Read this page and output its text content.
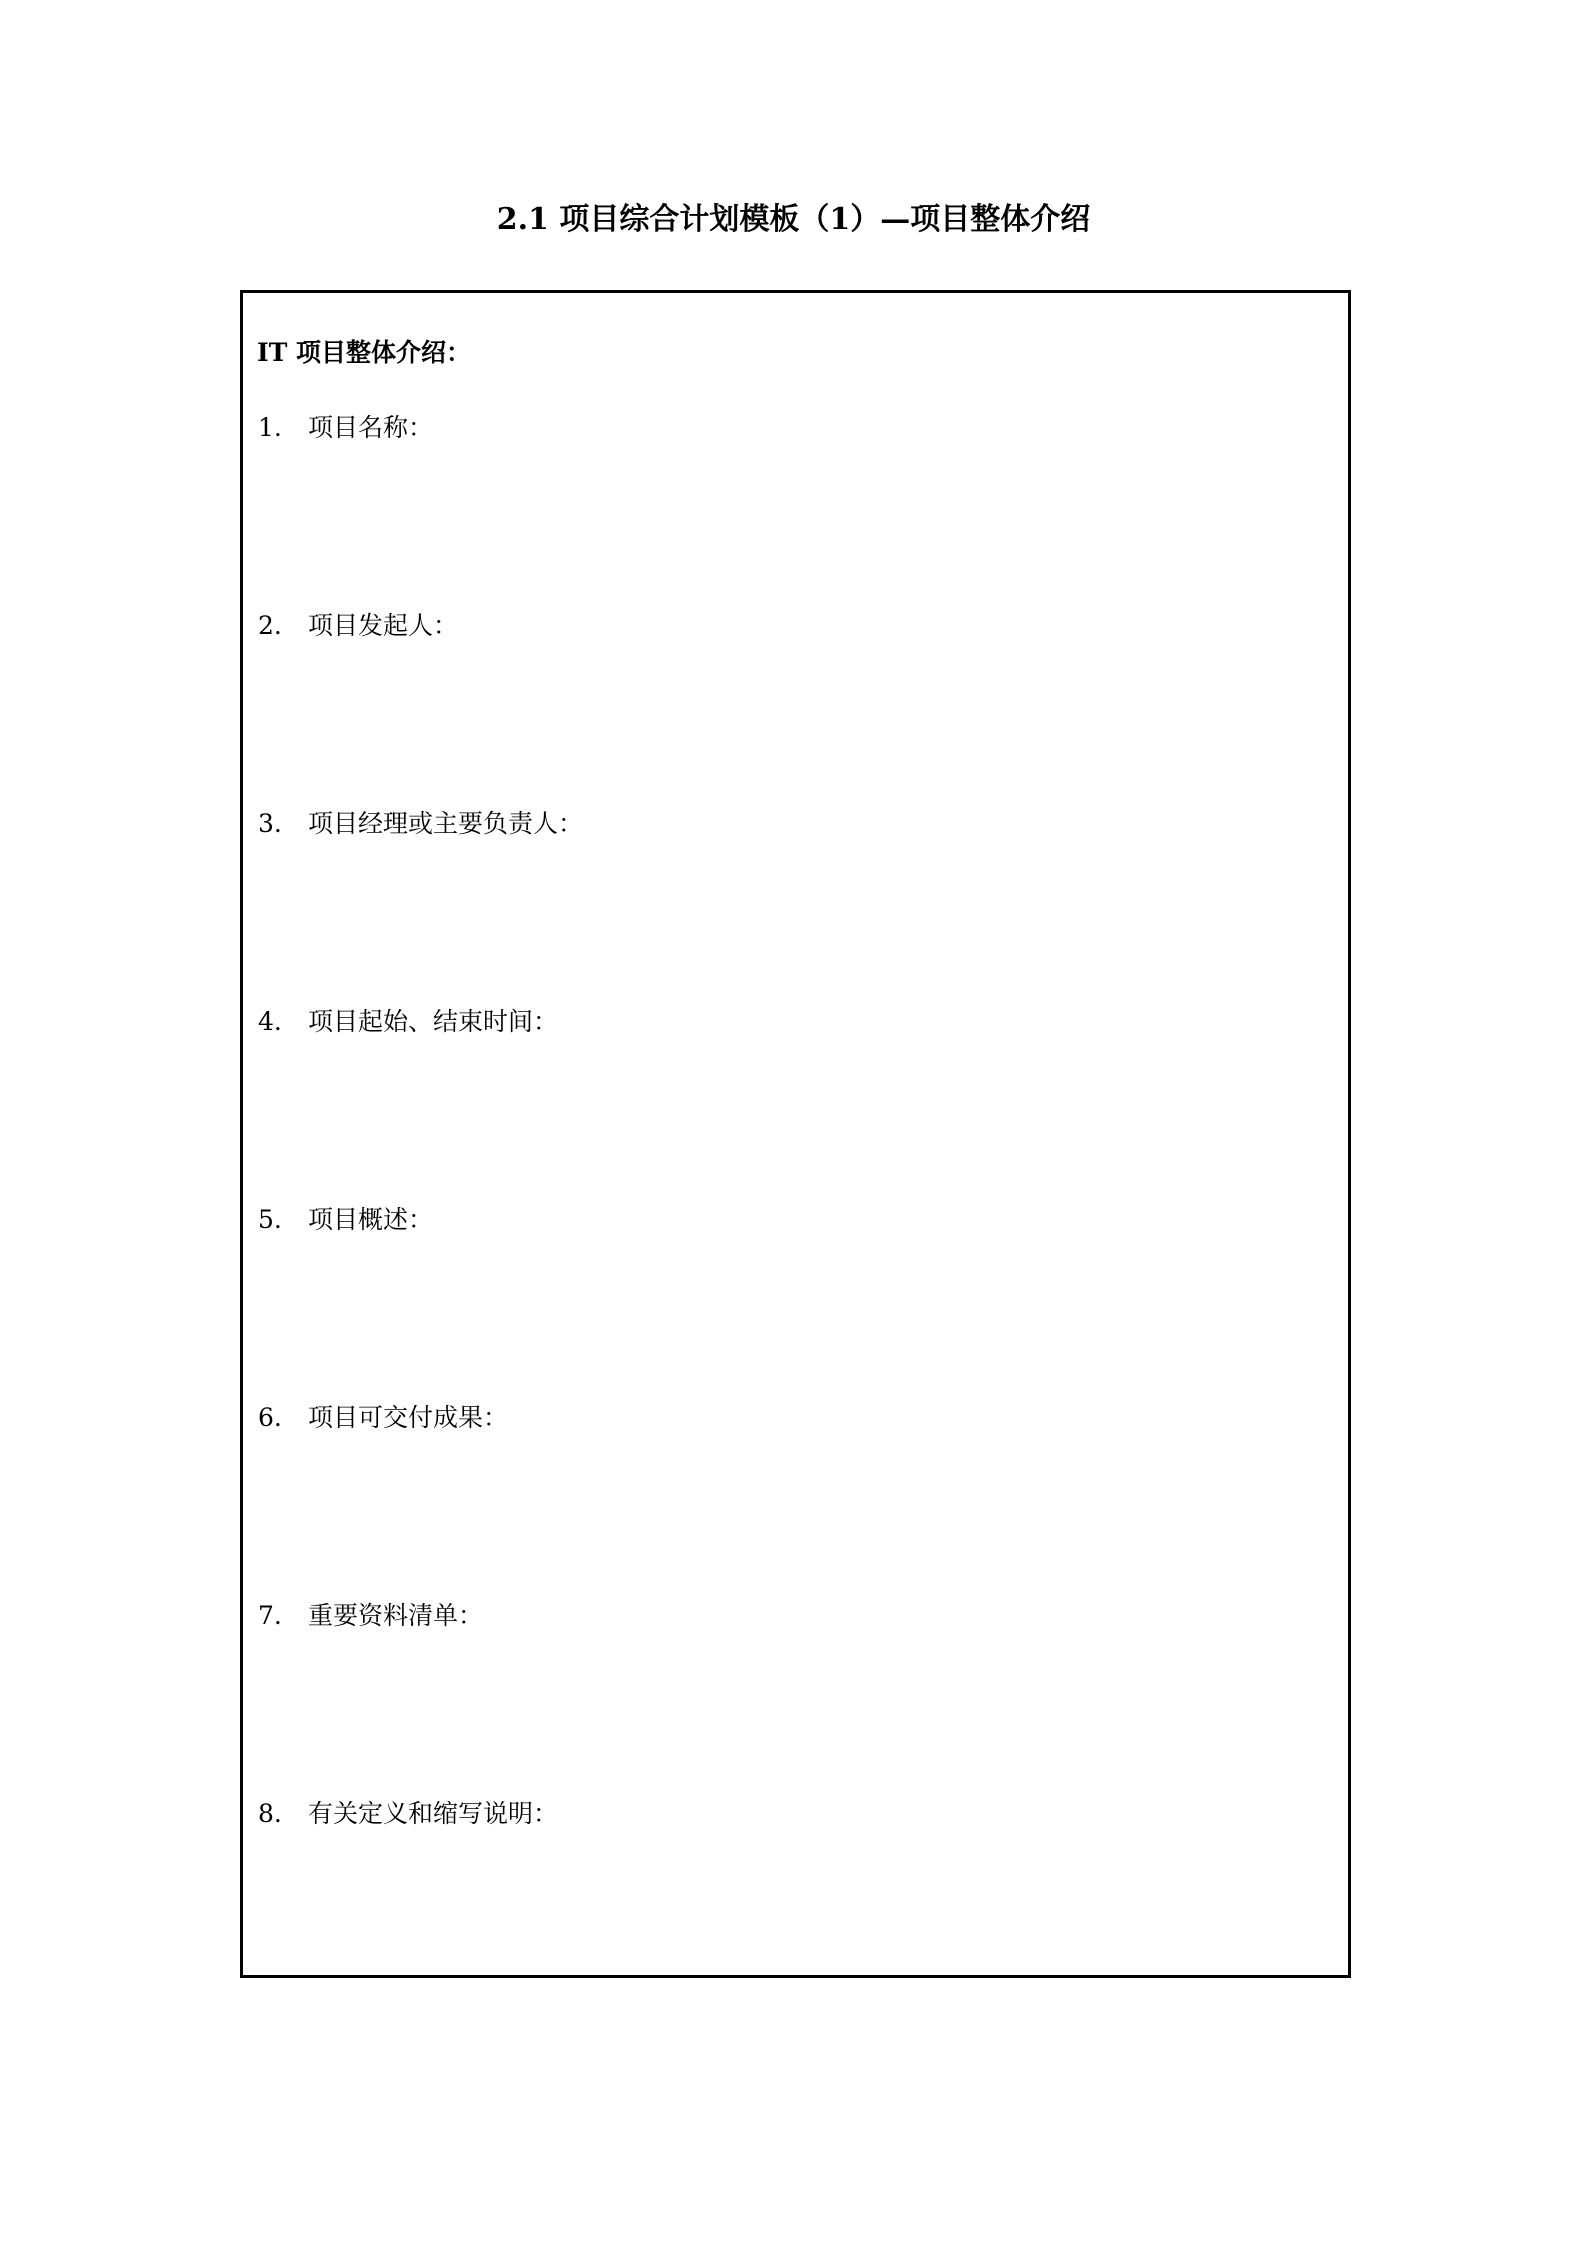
2.1 项目综合计划模板（1）—项目整体介绍
IT 项目整体介绍：
1. 项目名称：
2. 项目发起人：
3. 项目经理或主要负责人：
4. 项目起始、结束时间：
5. 项目概述：
6. 项目可交付成果：
7. 重要资料清单：
8. 有关定义和缩写说明：
